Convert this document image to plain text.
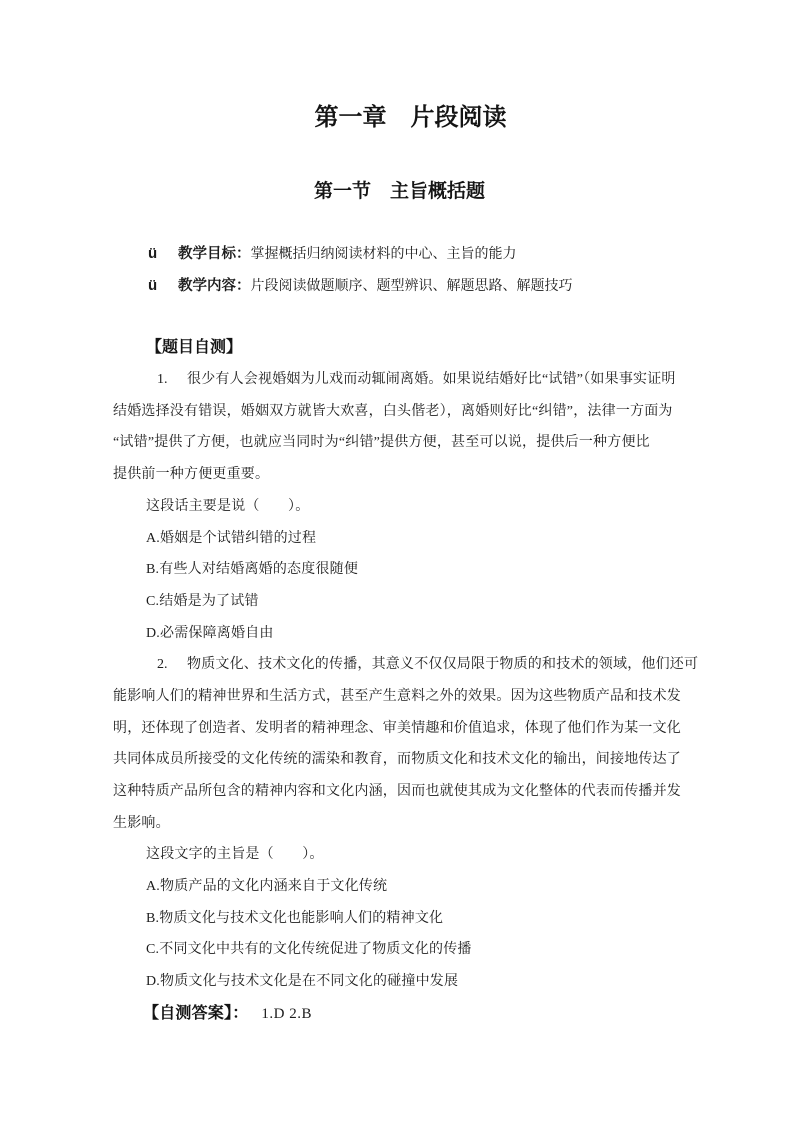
第一章　片段阅读
第一节　主旨概括题
ü 教学目标：掌握概括归纳阅读材料的中心、主旨的能力
ü 教学内容：片段阅读做题顺序、题型辨识、解题思路、解题技巧
【题目自测】
1. 很少有人会视婚姻为儿戏而动辄闹离婚。如果说结婚好比“试错”（如果事实证明
结婚选择没有错误，婚姻双方就皆大欢喜，白头偕老），离婚则好比“纠错”，法律一方面为
“试错”提供了方便，也就应当同时为“纠错”提供方便，甚至可以说，提供后一种方便比
提供前一种方便更重要。
这段话主要是说（　　）。
A.婚姻是个试错纠错的过程
B.有些人对结婚离婚的态度很随便
C.结婚是为了试错
D.必需保障离婚自由
2. 物质文化、技术文化的传播，其意义不仅仅局限于物质的和技术的领域，他们还可
能影响人们的精神世界和生活方式，甚至产生意料之外的效果。因为这些物质产品和技术发
明，还体现了创造者、发明者的精神理念、审美情趣和价值追求，体现了他们作为某一文化
共同体成员所接受的文化传统的濡染和教育，而物质文化和技术文化的输出，间接地传达了
这种特质产品所包含的精神内容和文化内涵，因而也就使其成为文化整体的代表而传播并发
生影响。
这段文字的主旨是（　　）。
A.物质产品的文化内涵来自于文化传统
B.物质文化与技术文化也能影响人们的精神文化
C.不同文化中共有的文化传统促进了物质文化的传播
D.物质文化与技术文化是在不同文化的碰撞中发展
【自测答案】： 1.D 2.B
